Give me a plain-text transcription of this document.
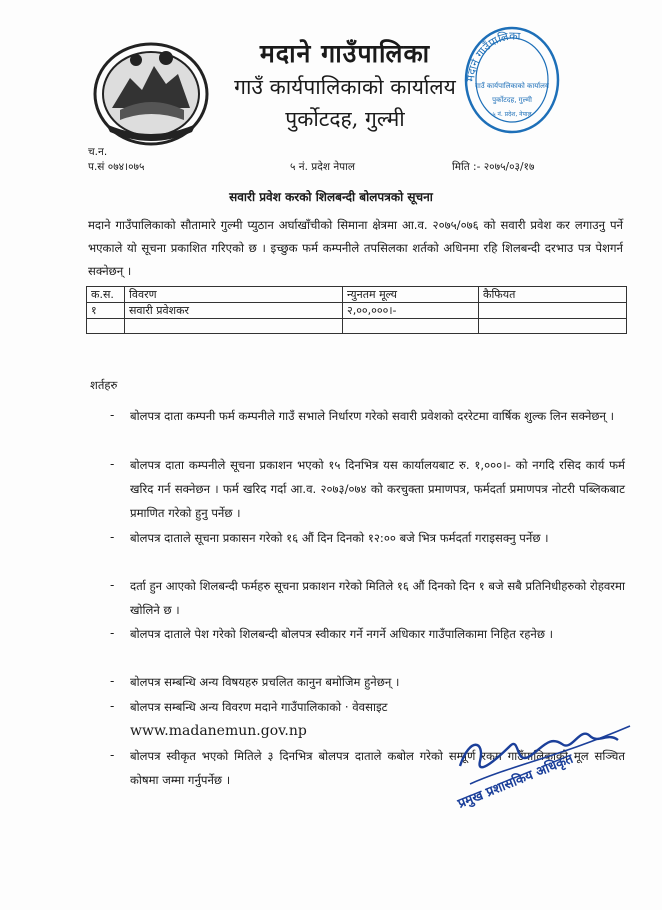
मदाने गाउँपालिका
गाउँ कार्यपालिकाको कार्यालय
पुर्कोटदह, गुल्मी
मदाने गाउँपालिका
गाउँ कार्यपालिकाको कार्यालय
पुर्कोटदह, गुल्मी
५ नं. प्रदेश, नेपाल
च.न.
प.सं ०७४।०७५	५ नं. प्रदेश नेपाल	मिति :- २०७५/०३/१७
सवारी प्रवेश करको शिलबन्दी बोलपत्रको सूचना
मदाने गाउँपालिकाको सौतामारे गुल्मी प्युठान अर्घाखाँचीको सिमाना क्षेत्रमा आ.व. २०७५/०७६ को सवारी प्रवेश कर लगाउनु पर्ने भएकाले यो सूचना प्रकाशित गरिएको छ । इच्छुक फर्म कम्पनीले तपसिलका शर्तको अधिनमा रहि शिलबन्दी दरभाउ पत्र पेशगर्न सक्नेछन् ।
क.स.	विवरण	न्युनतम मूल्य	कैफियत
१	सवारी प्रवेशकर	२,००,०००।-	

शर्तहरु
- बोलपत्र दाता कम्पनी फर्म कम्पनीले गाउँ सभाले निर्धारण गरेको सवारी प्रवेशको दररेटमा वार्षिक शुल्क लिन सक्नेछन् ।
- बोलपत्र दाता कम्पनीले सूचना प्रकाशन भएको १५ दिनभित्र यस कार्यालयबाट रु. १,०००।- को नगदि रसिद कार्य फर्म खरिद गर्न सक्नेछन । फर्म खरिद गर्दा आ.व. २०७३/०७४ को करचुक्ता प्रमाणपत्र, फर्मदर्ता प्रमाणपत्र नोटरी पब्लिकबाट प्रमाणित गरेको हुनु पर्नेछ ।
- बोलपत्र दाताले सूचना प्रकासन गरेको १६ औं दिन दिनको १२:०० बजे भित्र फर्मदर्ता गराइसक्नु पर्नेछ ।
- दर्ता हुन आएको शिलबन्दी फर्महरु सूचना प्रकाशन गरेको मितिले १६ औं दिनको दिन १ बजे सबै प्रतिनिधीहरुको रोहवरमा खोलिने छ ।
- बोलपत्र दाताले पेश गरेको शिलबन्दी बोलपत्र स्वीकार गर्ने नगर्ने अधिकार गाउँपालिकामा निहित रहनेछ ।
- बोलपत्र सम्बन्धि अन्य विषयहरु प्रचलित कानुन बमोजिम हुनेछन् ।
- बोलपत्र सम्बन्धि अन्य विवरण मदाने गाउँपालिकाको · वेवसाइट
www.madanemun.gov.np
- बोलपत्र स्वीकृत भएको मितिले ३ दिनभित्र बोलपत्र दाताले कबोल गरेको सम्पूर्ण रकम गाउँपालिकाको मूल सञ्चित कोषमा जम्मा गर्नुपर्नेछ ।	प्रमुख प्रशासकिय अधिकृत
